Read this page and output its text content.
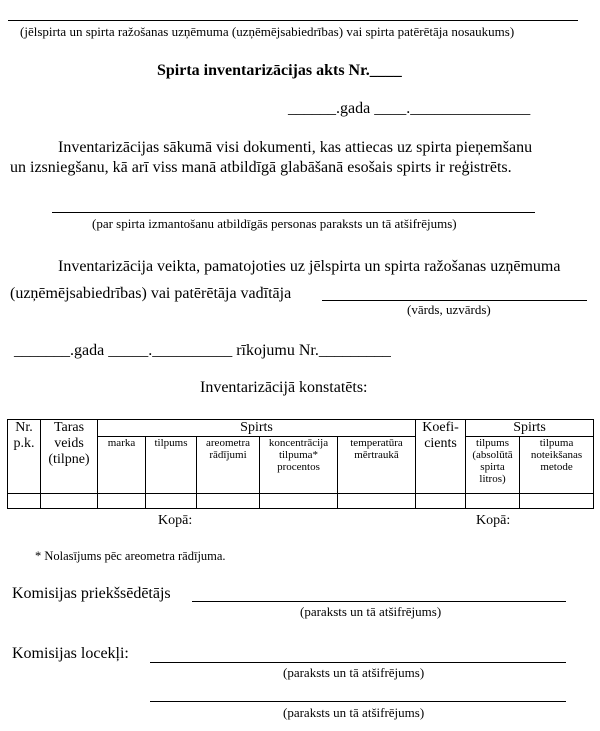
(jēlspirta un spirta ražošanas uzņēmuma (uzņēmējsabiedrības) vai spirta patērētāja nosaukums)
Spirta inventarizācijas akts Nr.____
______.gada ____._______________
Inventarizācijas sākumā visi dokumenti, kas attiecas uz spirta pieņemšanu
un izsniegšanu, kā arī viss manā atbildīgā glabāšanā esošais spirts ir reģistrēts.
(par spirta izmantošanu atbildīgās personas paraksts un tā atšifrējums)
Inventarizācija veikta, pamatojoties uz jēlspirta un spirta ražošanas uzņēmuma
(uzņēmējsabiedrības) vai patērētāja vadītāja
(vārds, uzvārds)
_______.gada _____.__________ rīkojumu Nr._________
Inventarizācijā konstatēts:
Nr. p.k.	Taras veids (tilpne)	Spirts					Koefi-cients	Spirts	
		marka	tilpums	areometra rādījumi	koncentrācija tilpuma* procentos	temperatūra mērtraukā		tilpums (absolūtā spirta litros)	tilpuma noteikšanas metode

Kopā:	Kopā:
* Nolasījums pēc areometra rādījuma.
Komisijas priekšsēdētājs
(paraksts un tā atšifrējums)
Komisijas locekļi:
(paraksts un tā atšifrējums)
(paraksts un tā atšifrējums)
